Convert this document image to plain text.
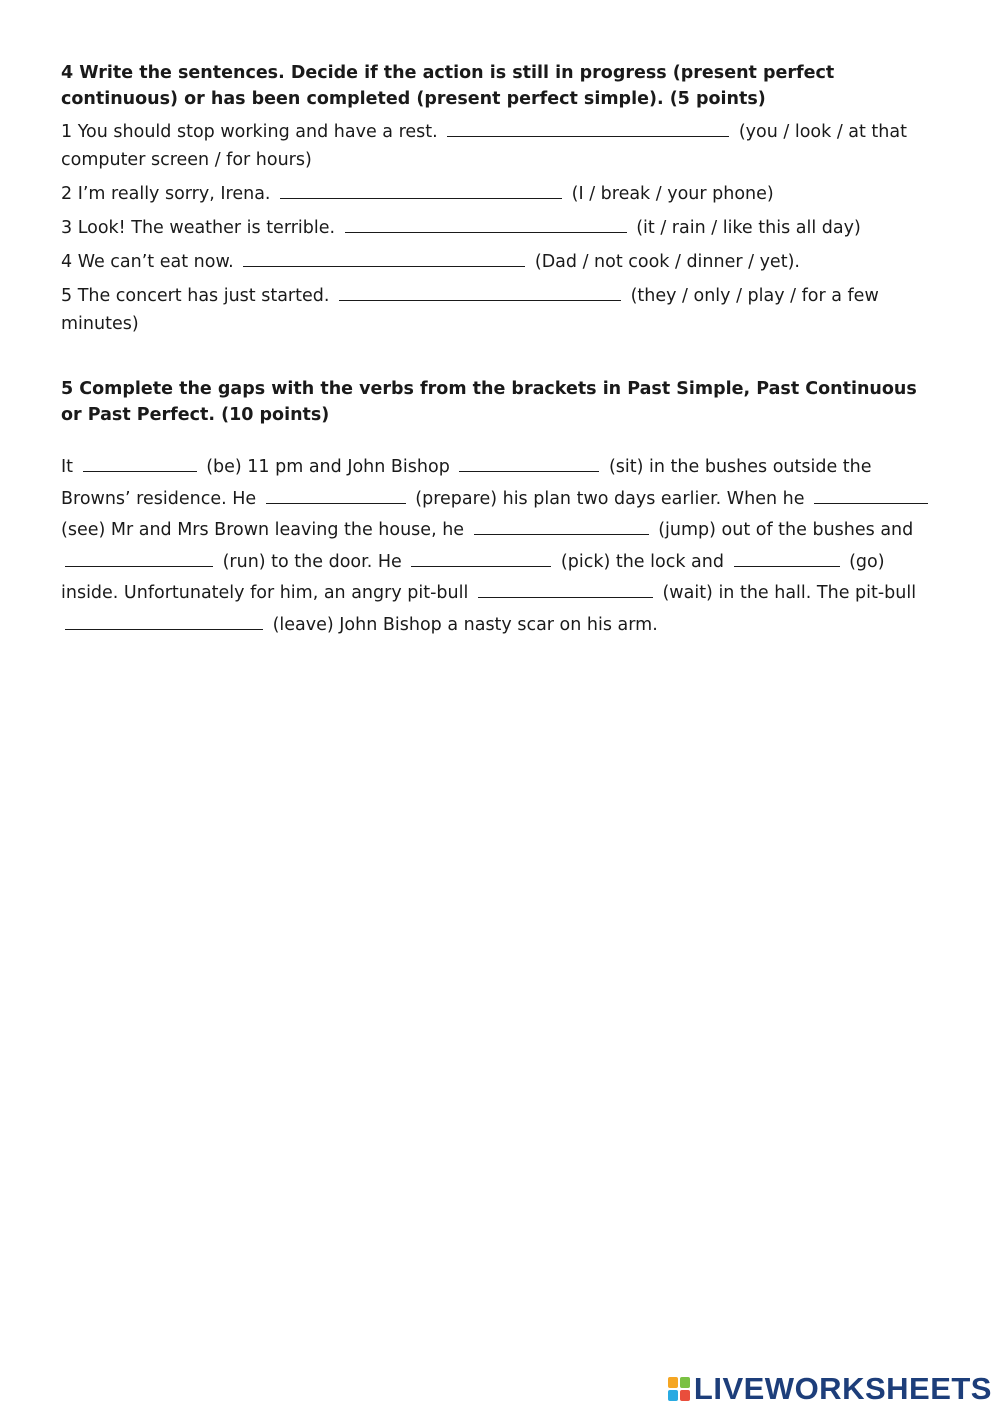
4 Write the sentences. Decide if the action is still in progress (present perfect continuous) or has been completed (present perfect simple). (5 points)
1 You should stop working and have a rest.	(you / look / at that computer screen / for hours)
2 I’m really sorry, Irena.	(I / break / your phone)
3 Look! The weather is terrible.	(it / rain / like this all day)
4 We can’t eat now.	(Dad / not cook / dinner / yet).
5 The concert has just started.	(they / only / play / for a few minutes)
5 Complete the gaps with the verbs from the brackets in Past Simple, Past Continuous or Past Perfect. (10 points)
It	(be) 11 pm and John Bishop	(sit) in the bushes outside the Browns’ residence. He	(prepare) his plan two days earlier. When he  (see) Mr and Mrs Brown leaving the house, he	(jump) out of the bushes and  (run) to the door. He	(pick) the lock and	(go) inside. Unfortunately for him, an angry pit-bull	(wait) in the hall. The pit-bull  (leave) John Bishop a nasty scar on his arm.
LIVEWORKSHEETS
